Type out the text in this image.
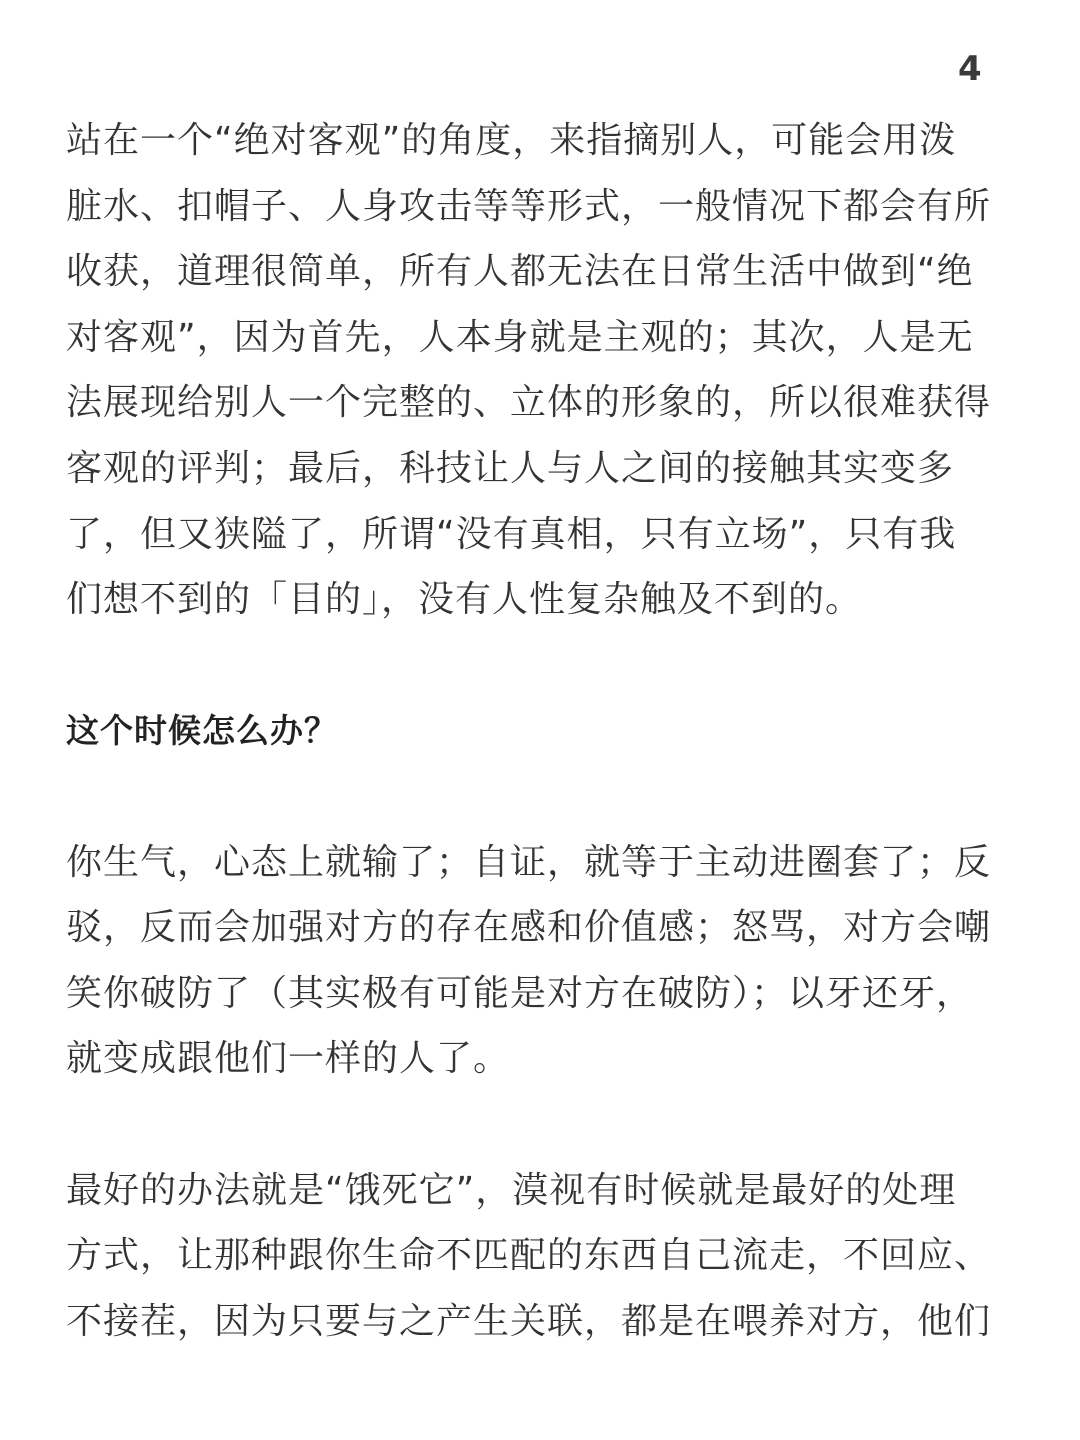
4

站在一个“绝对客观”的角度，来指摘别人，可能会用泼
脏水、扣帽子、人身攻击等等形式，一般情况下都会有所
收获，道理很简单，所有人都无法在日常生活中做到“绝
对客观”，因为首先，人本身就是主观的；其次，人是无
法展现给别人一个完整的、立体的形象的，所以很难获得
客观的评判；最后，科技让人与人之间的接触其实变多
了，但又狭隘了，所谓“没有真相，只有立场”，只有我
们想不到的「目的」，没有人性复杂触及不到的。

这个时候怎么办？

你生气，心态上就输了；自证，就等于主动进圈套了；反
驳，反而会加强对方的存在感和价值感；怒骂，对方会嘲
笑你破防了（其实极有可能是对方在破防）；以牙还牙，
就变成跟他们一样的人了。

最好的办法就是“饿死它”，漠视有时候就是最好的处理
方式，让那种跟你生命不匹配的东西自己流走，不回应、
不接茬，因为只要与之产生关联，都是在喂养对方，他们
